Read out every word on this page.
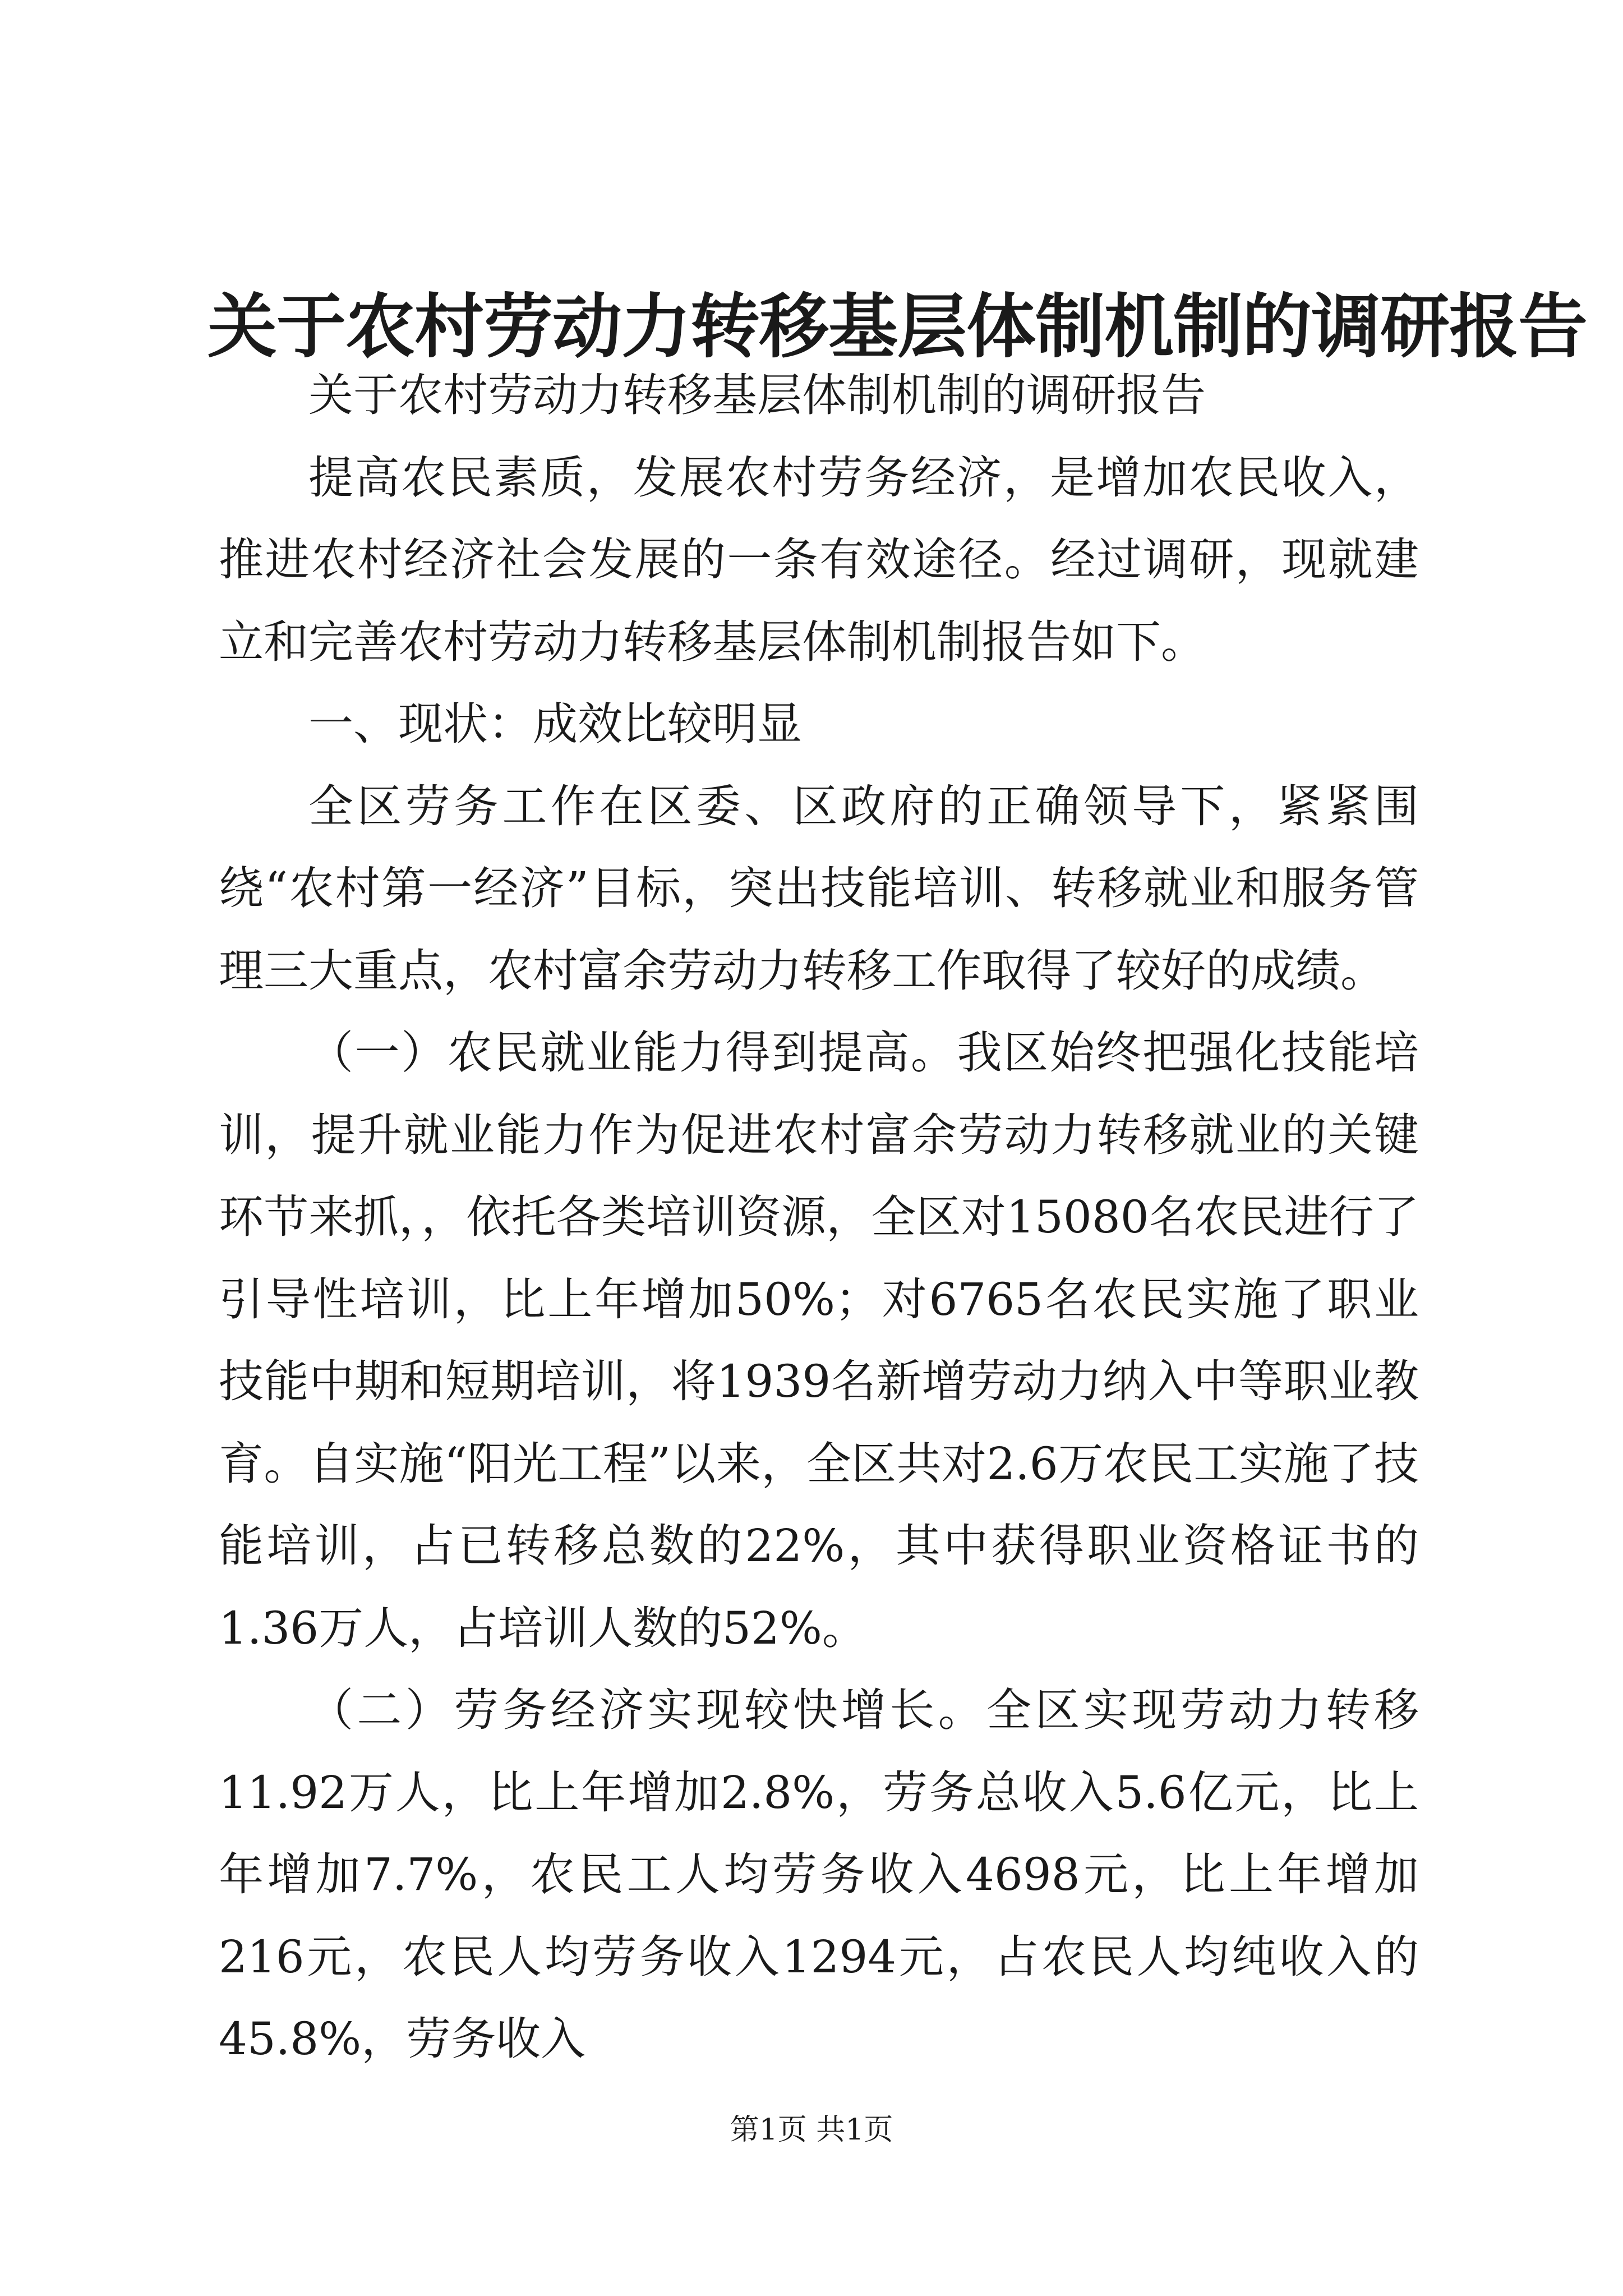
关于农村劳动力转移基层体制机制的调研报告

关于农村劳动力转移基层体制机制的调研报告

提高农民素质，发展农村劳务经济，是增加农民收入，推进农村经济社会发展的一条有效途径。经过调研，现就建立和完善农村劳动力转移基层体制机制报告如下。

一、现状：成效比较明显

全区劳务工作在区委、区政府的正确领导下，紧紧围绕“农村第一经济”目标，突出技能培训、转移就业和服务管理三大重点，农村富余劳动力转移工作取得了较好的成绩。

（一）农民就业能力得到提高。我区始终把强化技能培训，提升就业能力作为促进农村富余劳动力转移就业的关键环节来抓，，依托各类培训资源，全区对15080名农民进行了引导性培训，比上年增加50%；对6765名农民实施了职业技能中期和短期培训，将1939名新增劳动力纳入中等职业教育。自实施“阳光工程”以来，全区共对2.6万农民工实施了技能培训，占已转移总数的22%，其中获得职业资格证书的1.36万人，占培训人数的52%。

（二）劳务经济实现较快增长。全区实现劳动力转移11.92万人，比上年增加2.8%，劳务总收入5.6亿元，比上年增加7.7%，农民工人均劳务收入4698元，比上年增加216元，农民人均劳务收入1294元，占农民人均纯收入的45.8%，劳务收入

第1页 共1页
